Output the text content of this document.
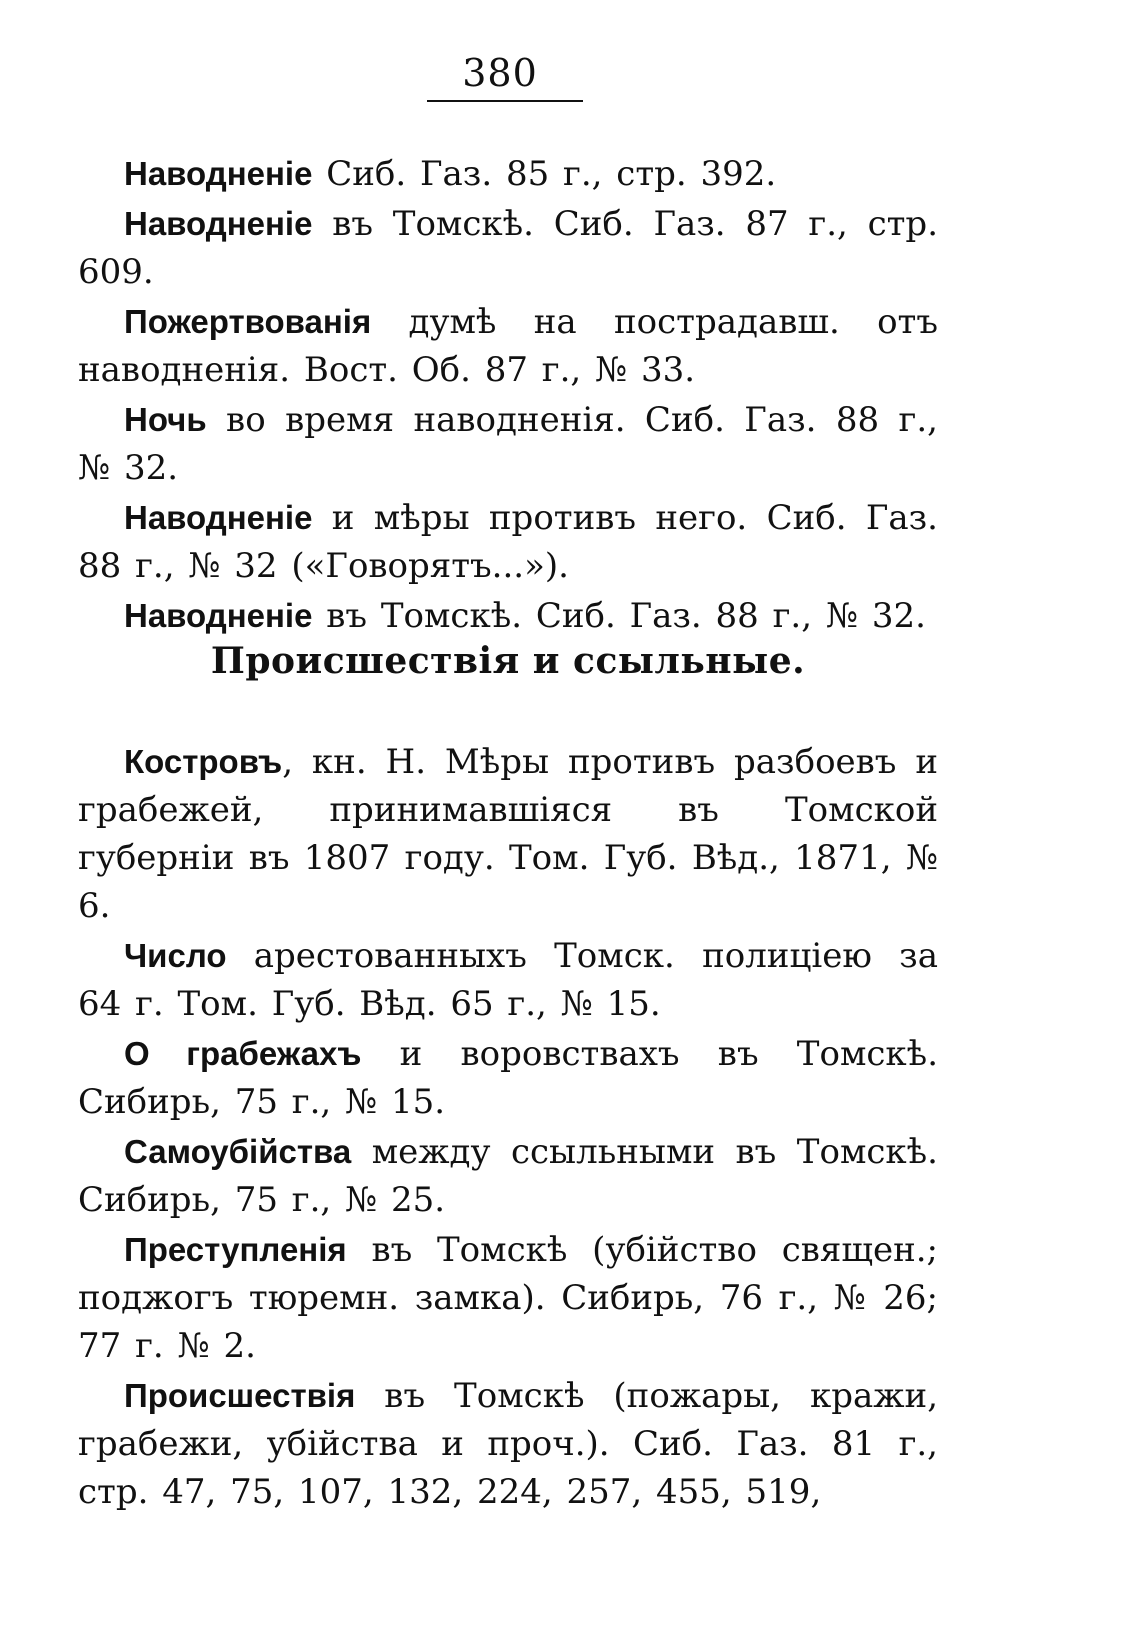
380

Наводненіе Сиб. Газ. 85 г., стр. 392.

Наводненіе въ Томскѣ. Сиб. Газ. 87 г., стр. 609.

Пожертвованія думѣ на пострадавш. отъ наводненія. Вост. Об. 87 г., № 33.

Ночь во время наводненія. Сиб. Газ. 88 г., № 32.

Наводненіе и мѣры противъ него. Сиб. Газ. 88 г., № 32 («Говорятъ...»).

Наводненіе въ Томскѣ. Сиб. Газ. 88 г., № 32.

Происшествія и ссыльные.

Костровъ, кн. Н. Мѣры противъ разбоевъ и грабежей, принимавшіяся въ Томской губерніи въ 1807 году. Том. Губ. Вѣд., 1871, № 6.

Число арестованныхъ Томск. полиціею за 64 г. Том. Губ. Вѣд. 65 г., № 15.

О грабежахъ и воровствахъ въ Томскѣ. Сибирь, 75 г., № 15.

Самоубійства между ссыльными въ Томскѣ. Сибирь, 75 г., № 25.

Преступленія въ Томскѣ (убійство священ.; поджогъ тюремн. замка). Сибирь, 76 г., № 26; 77 г. № 2.

Происшествія въ Томскѣ (пожары, кражи, грабежи, убійства и проч.). Сиб. Газ. 81 г., стр. 47, 75, 107, 132, 224, 257, 455, 519,
